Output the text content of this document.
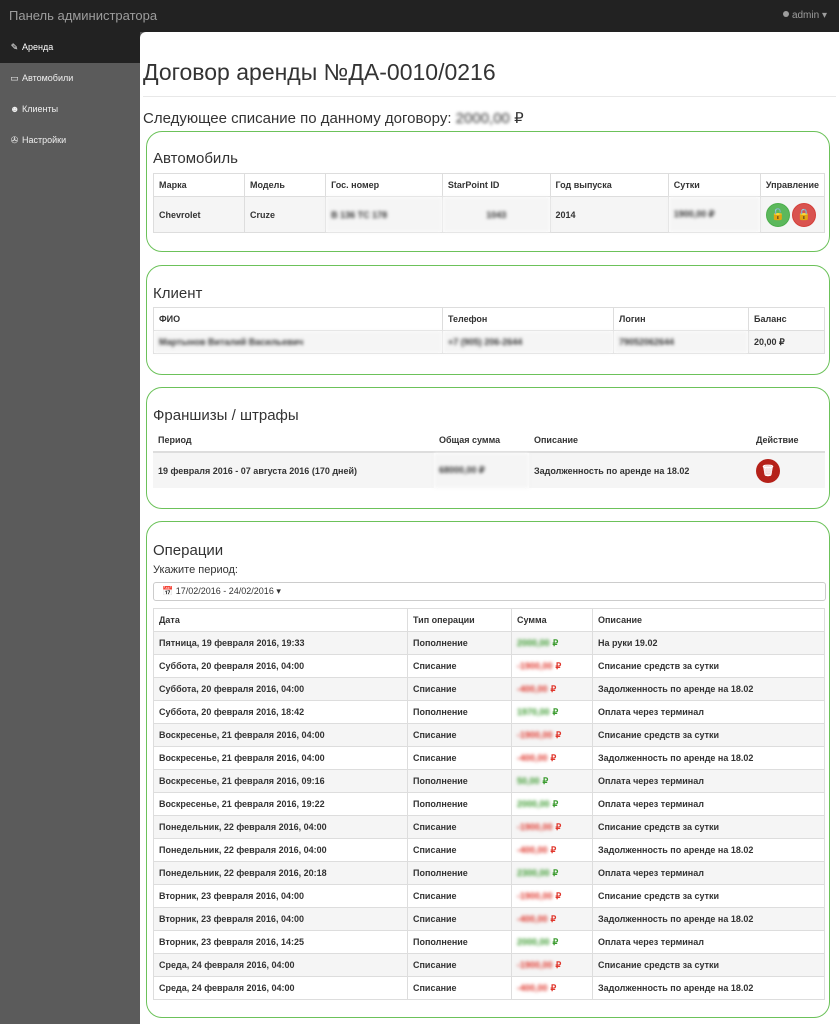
Панель администратора	admin ▾
✎ Аренда
▭ Автомобили
☻ Клиенты
✇ Настройки
Договор аренды №ДА-0010/0216
Следующее списание по данному договору: 2000,00 ₽
Автомобиль
Марка	Модель	Гос. номер	StarPoint ID	Год выпуска	Сутки	Управление
Chevrolet	Cruze	В 136 ТС 178	1043	2014	1900,00 ₽	🔓 🔒
Клиент
ФИО	Телефон	Логин	Баланс
Мартынов Виталий Васильевич	+7 (905) 206-2644	79052062644	20,00 ₽
Франшизы / штрафы
Период	Общая сумма	Описание	Действие
19 февраля 2016 - 07 августа 2016 (170 дней)	68000,00 ₽	Задолженность по аренде на 18.02	🗑
Операции
Укажите период:
📅 17/02/2016 - 24/02/2016 ▾
Дата	Тип операции	Сумма	Описание
Пятница, 19 февраля 2016, 19:33	Пополнение	2000,00 ₽	На руки 19.02
Суббота, 20 февраля 2016, 04:00	Списание	-1900,00 ₽	Списание средств за сутки
Суббота, 20 февраля 2016, 04:00	Списание	-400,00 ₽	Задолженность по аренде на 18.02
Суббота, 20 февраля 2016, 18:42	Пополнение	1970,00 ₽	Оплата через терминал
Воскресенье, 21 февраля 2016, 04:00	Списание	-1900,00 ₽	Списание средств за сутки
Воскресенье, 21 февраля 2016, 04:00	Списание	-400,00 ₽	Задолженность по аренде на 18.02
Воскресенье, 21 февраля 2016, 09:16	Пополнение	50,00 ₽	Оплата через терминал
Воскресенье, 21 февраля 2016, 19:22	Пополнение	2000,00 ₽	Оплата через терминал
Понедельник, 22 февраля 2016, 04:00	Списание	-1900,00 ₽	Списание средств за сутки
Понедельник, 22 февраля 2016, 04:00	Списание	-400,00 ₽	Задолженность по аренде на 18.02
Понедельник, 22 февраля 2016, 20:18	Пополнение	2300,00 ₽	Оплата через терминал
Вторник, 23 февраля 2016, 04:00	Списание	-1900,00 ₽	Списание средств за сутки
Вторник, 23 февраля 2016, 04:00	Списание	-400,00 ₽	Задолженность по аренде на 18.02
Вторник, 23 февраля 2016, 14:25	Пополнение	2000,00 ₽	Оплата через терминал
Среда, 24 февраля 2016, 04:00	Списание	-1900,00 ₽	Списание средств за сутки
Среда, 24 февраля 2016, 04:00	Списание	-400,00 ₽	Задолженность по аренде на 18.02
